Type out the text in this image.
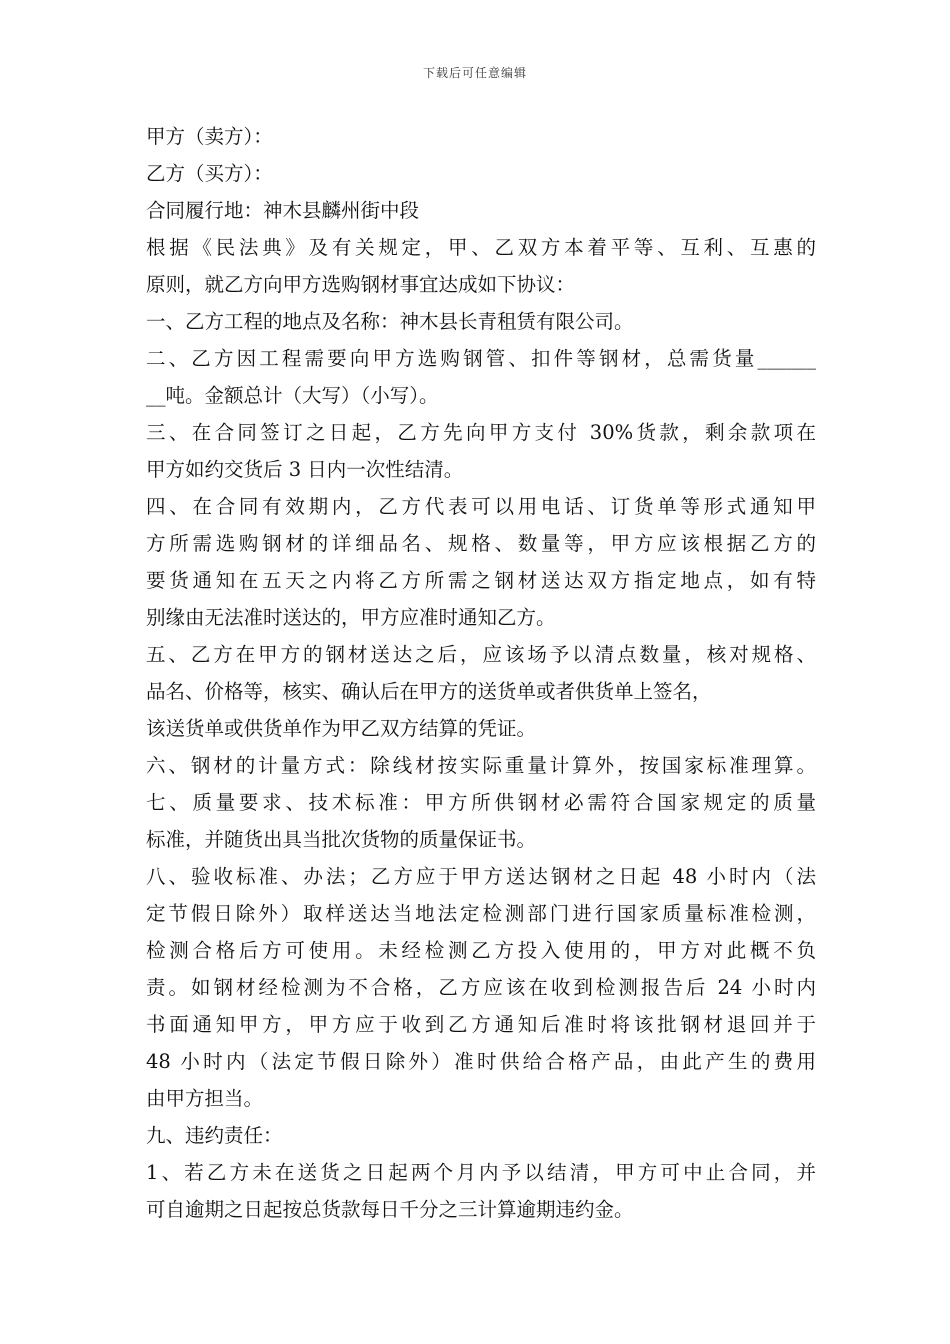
下载后可任意编辑
甲方（卖方）：
乙方（买方）：
合同履行地：神木县麟州街中段
根据《民法典》及有关规定，甲、乙双方本着平等、互利、互惠的
原则，就乙方向甲方选购钢材事宜达成如下协议：
一、乙方工程的地点及名称：神木县长青租赁有限公司。
二、乙方因工程需要向甲方选购钢管、扣件等钢材，总需货量______
__吨。金额总计（大写）（小写）。
三、在合同签订之日起，乙方先向甲方支付 30%货款，剩余款项在
甲方如约交货后 3 日内一次性结清。
四、在合同有效期内，乙方代表可以用电话、订货单等形式通知甲
方所需选购钢材的详细品名、规格、数量等，甲方应该根据乙方的
要货通知在五天之内将乙方所需之钢材送达双方指定地点，如有特
别缘由无法准时送达的，甲方应准时通知乙方。
五、乙方在甲方的钢材送达之后，应该场予以清点数量，核对规格、
品名、价格等，核实、确认后在甲方的送货单或者供货单上签名，
该送货单或供货单作为甲乙双方结算的凭证。
六、钢材的计量方式：除线材按实际重量计算外，按国家标准理算。
七、质量要求、技术标准：甲方所供钢材必需符合国家规定的质量
标准，并随货出具当批次货物的质量保证书。
八、验收标准、办法；乙方应于甲方送达钢材之日起 48 小时内（法
定节假日除外）取样送达当地法定检测部门进行国家质量标准检测，
检测合格后方可使用。未经检测乙方投入使用的，甲方对此概不负
责。如钢材经检测为不合格，乙方应该在收到检测报告后 24 小时内
书面通知甲方，甲方应于收到乙方通知后准时将该批钢材退回并于
48 小时内（法定节假日除外）准时供给合格产品，由此产生的费用
由甲方担当。
九、违约责任：
1、若乙方未在送货之日起两个月内予以结清，甲方可中止合同，并
可自逾期之日起按总货款每日千分之三计算逾期违约金。
